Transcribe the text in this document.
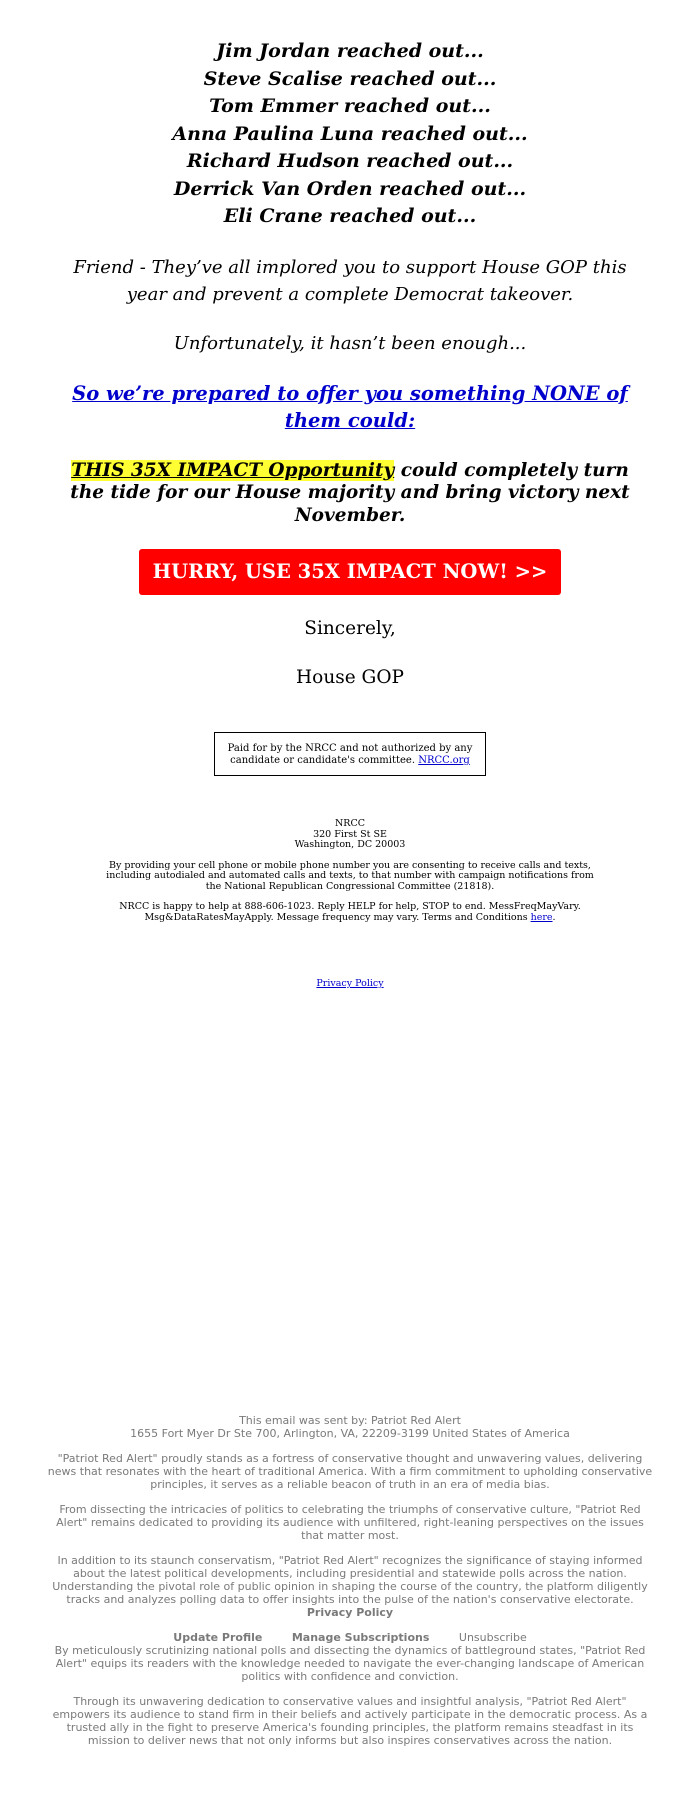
Jim Jordan reached out...
Steve Scalise reached out...
Tom Emmer reached out...
Anna Paulina Luna reached out...
Richard Hudson reached out...
Derrick Van Orden reached out...
Eli Crane reached out...
Friend - They’ve all implored you to support House GOP this year and prevent a complete Democrat takeover.
Unfortunately, it hasn’t been enough...
So we’re prepared to offer you something NONE of them could:
THIS 35X IMPACT Opportunity could completely turn the tide for our House majority and bring victory next November.
HURRY, USE 35X IMPACT NOW! >>
Sincerely,
House GOP
Paid for by the NRCC and not authorized by any candidate or candidate's committee. NRCC.org
NRCC
320 First St SE
Washington, DC 20003
By providing your cell phone or mobile phone number you are consenting to receive calls and texts, including autodialed and automated calls and texts, to that number with campaign notifications from the National Republican Congressional Committee (21818).
NRCC is happy to help at 888-606-1023. Reply HELP for help, STOP to end. MessFreqMayVary. Msg&DataRatesMayApply. Message frequency may vary. Terms and Conditions here.
Privacy Policy

This email was sent by: Patriot Red Alert

1655 Fort Myer Dr Ste 700, Arlington, VA, 22209-3199 United States of America

"Patriot Red Alert" proudly stands as a fortress of conservative thought and unwavering values, delivering news that resonates with the heart of traditional America. With a firm commitment to upholding conservative principles, it serves as a reliable beacon of truth in an era of media bias.

From dissecting the intricacies of politics to celebrating the triumphs of conservative culture, "Patriot Red Alert" remains dedicated to providing its audience with unfiltered, right-leaning perspectives on the issues that matter most.

In addition to its staunch conservatism, "Patriot Red Alert" recognizes the significance of staying informed about the latest political developments, including presidential and statewide polls across the nation. Understanding the pivotal role of public opinion in shaping the course of the country, the platform diligently tracks and analyzes polling data to offer insights into the pulse of the nation's conservative electorate.

Privacy Policy

Update Profile	Manage Subscriptions	Unsubscribe

By meticulously scrutinizing national polls and dissecting the dynamics of battleground states, "Patriot Red Alert" equips its readers with the knowledge needed to navigate the ever-changing landscape of American politics with confidence and conviction.

Through its unwavering dedication to conservative values and insightful analysis, "Patriot Red Alert" empowers its audience to stand firm in their beliefs and actively participate in the democratic process. As a trusted ally in the fight to preserve America's founding principles, the platform remains steadfast in its mission to deliver news that not only informs but also inspires conservatives across the nation.
